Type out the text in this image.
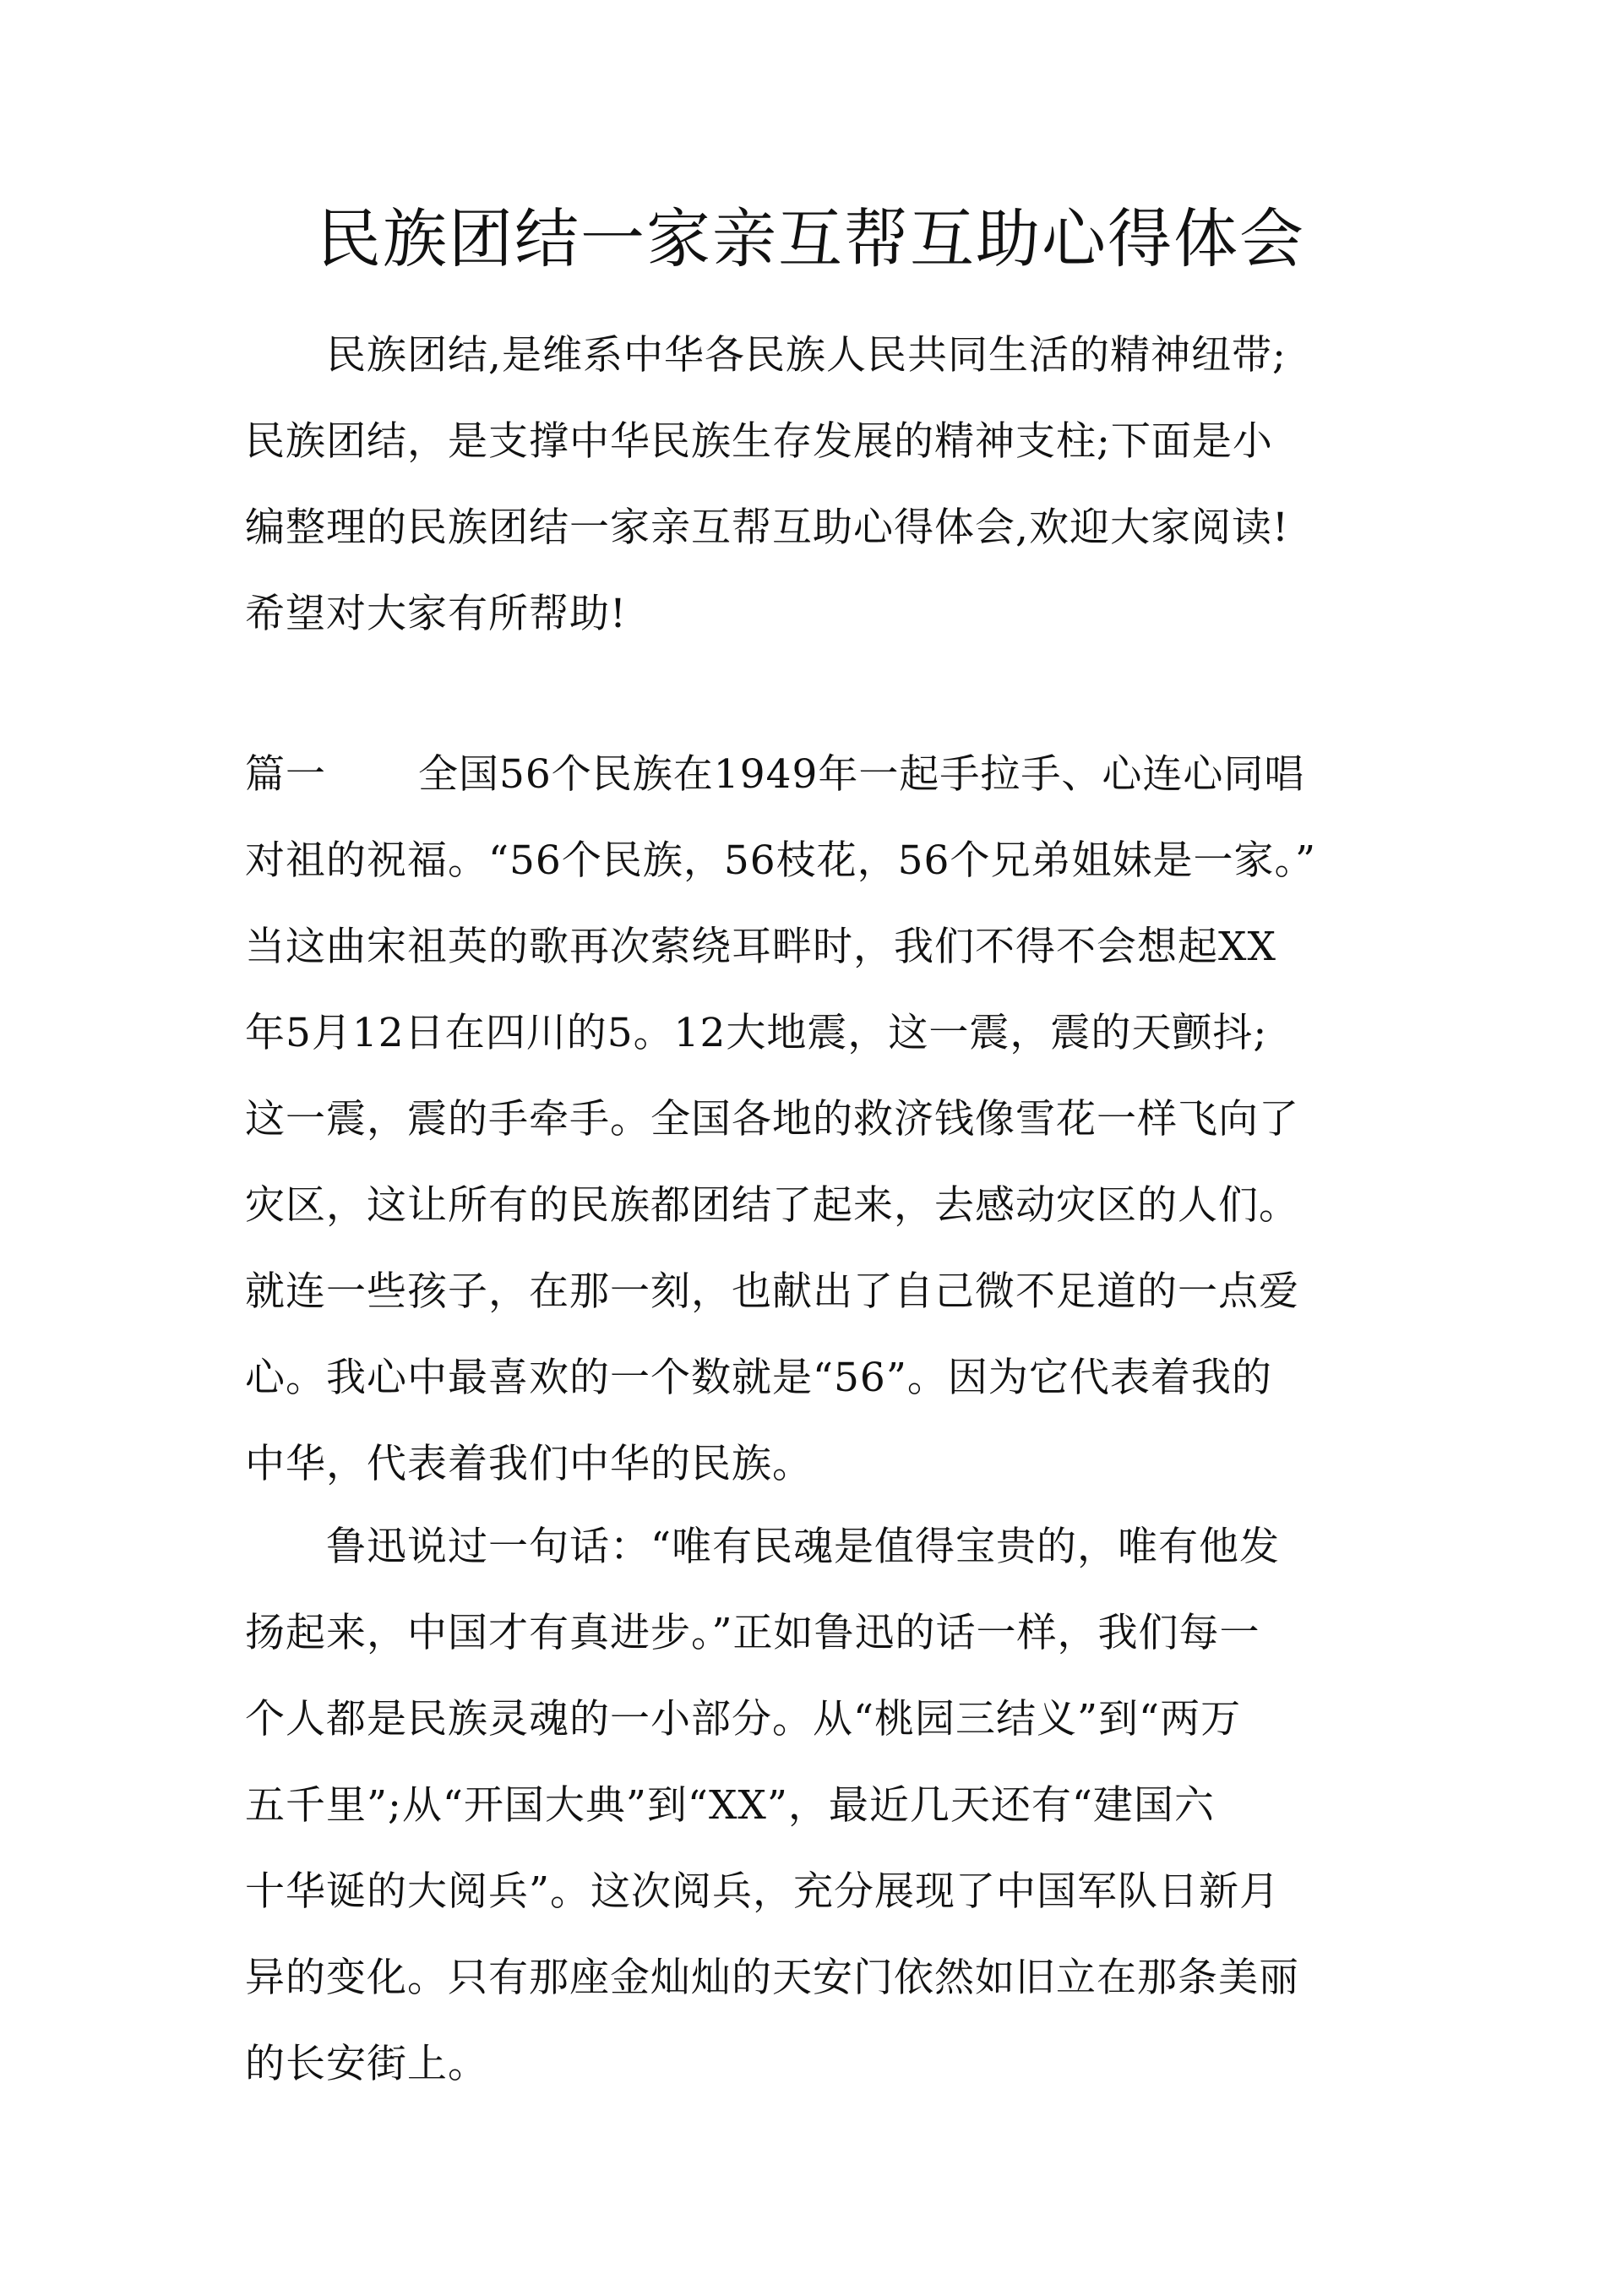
民族团结一家亲互帮互助心得体会
民族团结,是维系中华各民族人民共同生活的精神纽带;
民族团结，是支撑中华民族生存发展的精神支柱;下面是小
编整理的民族团结一家亲互帮互助心得体会,欢迎大家阅读!
希望对大家有所帮助!
篇一 全国56个民族在1949年一起手拉手、心连心同唱
对祖的祝福。“56个民族，56枝花，56个兄弟姐妹是一家。”
当这曲宋祖英的歌再次萦绕耳畔时，我们不得不会想起XX
年5月12日在四川的5。12大地震，这一震，震的天颤抖;
这一震，震的手牵手。全国各地的救济钱像雪花一样飞向了
灾区，这让所有的民族都团结了起来，去感动灾区的人们。
就连一些孩子，在那一刻，也献出了自己微不足道的一点爱
心。我心中最喜欢的一个数就是“56”。因为它代表着我的
中华，代表着我们中华的民族。
鲁迅说过一句话：“唯有民魂是值得宝贵的，唯有他发
扬起来，中国才有真进步。”正如鲁迅的话一样，我们每一
个人都是民族灵魂的一小部分。从“桃园三结义”到“两万
五千里”;从“开国大典”到“XX”，最近几天还有“建国六
十华诞的大阅兵”。这次阅兵，充分展现了中国军队日新月
异的变化。只有那座金灿灿的天安门依然如旧立在那条美丽
的长安街上。
